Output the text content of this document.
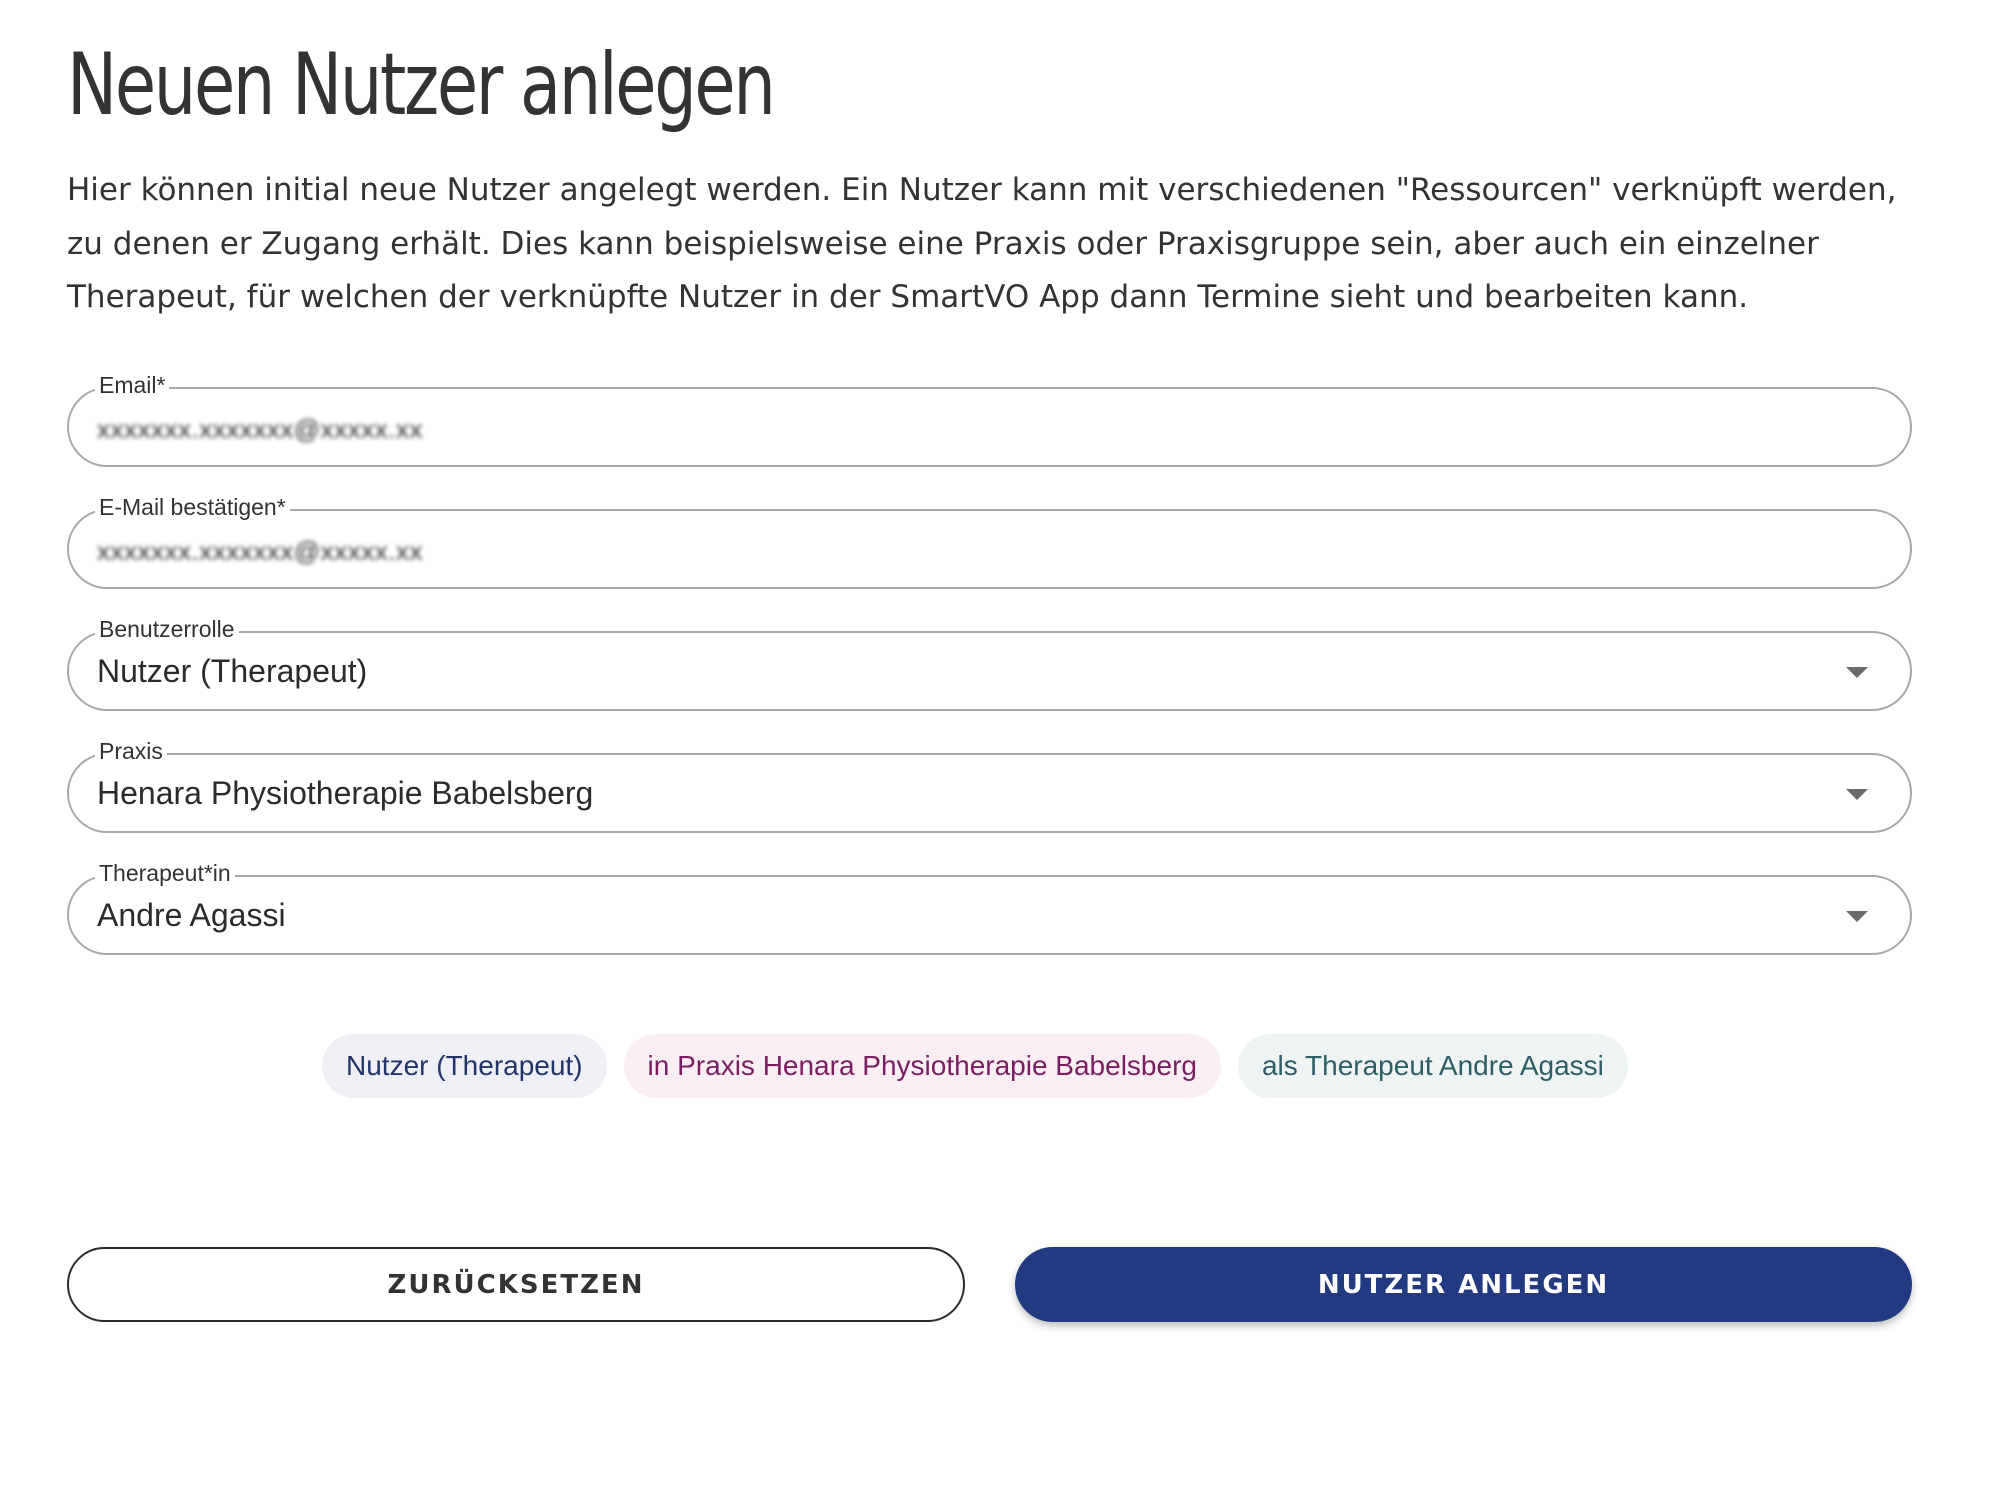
Neuen Nutzer anlegen

Hier können initial neue Nutzer angelegt werden. Ein Nutzer kann mit verschiedenen "Ressourcen" verknüpft werden, zu denen er Zugang erhält. Dies kann beispielsweise eine Praxis oder Praxisgruppe sein, aber auch ein einzelner Therapeut, für welchen der verknüpfte Nutzer in der SmartVO App dann Termine sieht und bearbeiten kann.

Email*
xxxxxxx.xxxxxxx@xxxxx.xx
E-Mail bestätigen*
xxxxxxx.xxxxxxx@xxxxx.xx
Benutzerrolle
Nutzer (Therapeut)
Praxis
Henara Physiotherapie Babelsberg
Therapeut*in
Andre Agassi
Nutzer (Therapeut)	in Praxis Henara Physiotherapie Babelsberg	als Therapeut Andre Agassi
ZURÜCKSETZEN	NUTZER ANLEGEN
